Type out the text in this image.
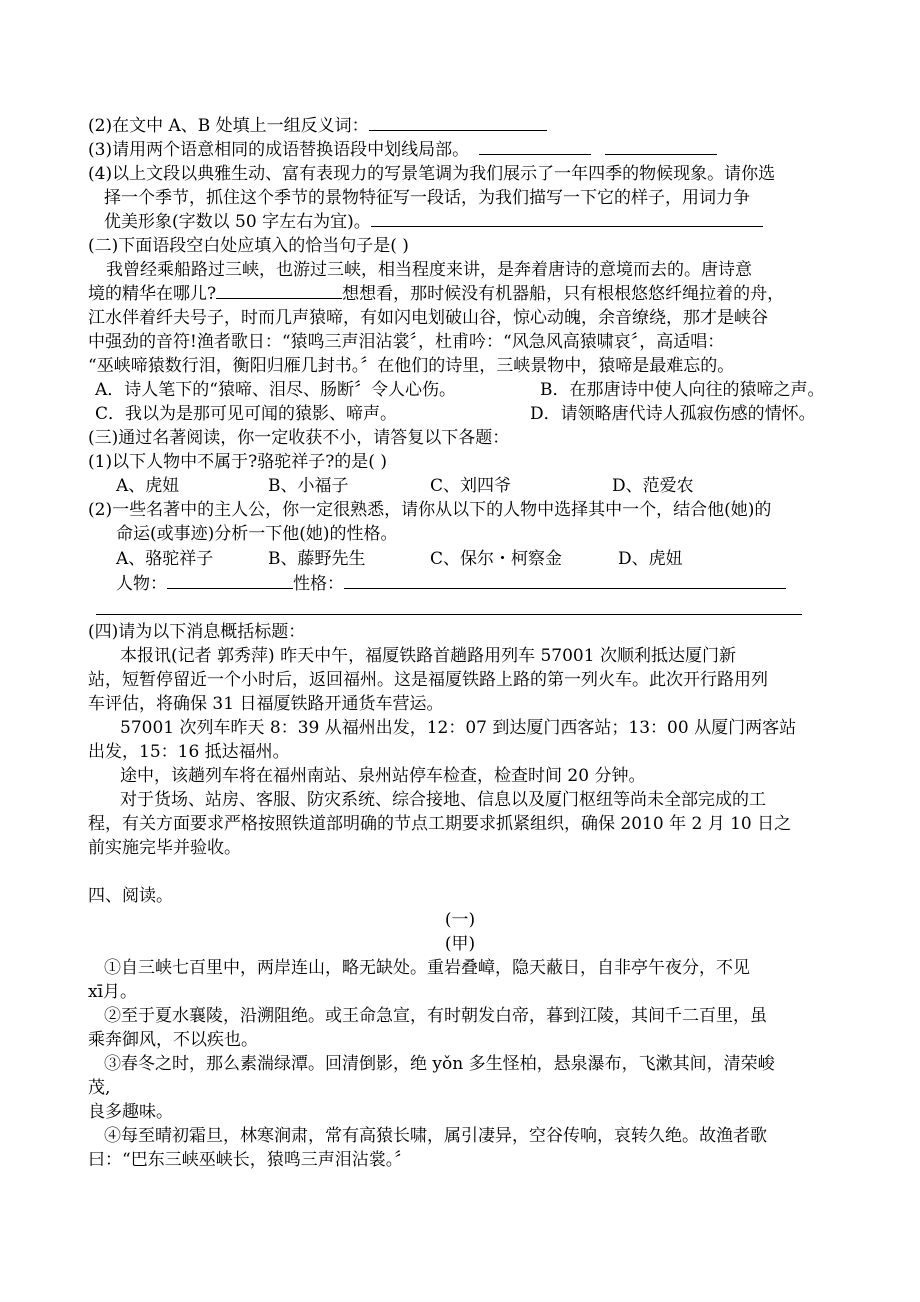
(2)在文中 A、B 处填上一组反义词：
(3)请用两个语意相同的成语替换语段中划线局部。
(4)以上文段以典雅生动、富有表现力的写景笔调为我们展示了一年四季的物候现象。请你选
择一个季节，抓住这个季节的景物特征写一段话，为我们描写一下它的样子，用词力争
优美形象(字数以 50 字左右为宜)。
(二)下面语段空白处应填入的恰当句子是( )
我曾经乘船路过三峡，也游过三峡，相当程度来讲，是奔着唐诗的意境而去的。唐诗意
境的精华在哪儿?	想想看，那时候没有机器船，只有根根悠悠纤绳拉着的舟，
江水伴着纤夫号子，时而几声猿啼，有如闪电划破山谷，惊心动魄，余音缭绕，那才是峡谷
中强劲的音符!渔者歌日：“猿鸣三声泪沾裳〞，杜甫吟：“风急风高猿啸哀〞，高适唱：
“巫峡啼猿数行泪，衡阳归雁几封书。〞在他们的诗里，三峡景物中，猿啼是最难忘的。
A．诗人笔下的“猿啼、泪尽、肠断〞令人心伤。	B．在那唐诗中使人向往的猿啼之声。
C．我以为是那可见可闻的猿影、啼声。	D．请领略唐代诗人孤寂伤感的情怀。
(三)通过名著阅读，你一定收获不小，请答复以下各题：
(1)以下人物中不属于?骆驼祥子?的是( )
A、虎妞	B、小福子	C、刘四爷	D、范爱农
(2)一些名著中的主人公，你一定很熟悉，请你从以下的人物中选择其中一个，结合他(她)的
命运(或事迹)分析一下他(她)的性格。
A、骆驼祥子	B、藤野先生	C、保尔・柯察金	D、虎妞
人物：	性格：
(四)请为以下消息概括标题：
本报讯(记者 郭秀萍) 昨天中午，福厦铁路首趟路用列车 57001 次顺利抵达厦门新
站，短暂停留近一个小时后，返回福州。这是福厦铁路上路的第一列火车。此次开行路用列
车评估，将确保 31 日福厦铁路开通货车营运。
57001 次列车昨天 8：39 从福州出发，12：07 到达厦门西客站；13：00 从厦门两客站
出发，15：16 抵达福州。
途中，该趟列车将在福州南站、泉州站停车检查，检查时间 20 分钟。
对于货场、站房、客服、防灾系统、综合接地、信息以及厦门枢纽等尚未全部完成的工
程，有关方面要求严格按照铁道部明确的节点工期要求抓紧组织，确保 2010 年 2 月 10 日之
前实施完毕并验收。
四、阅读。
(一)
(甲)
①自三峡七百里中，两岸连山，略无缺处。重岩叠嶂，隐天蔽日，自非亭午夜分，不见
xī月。
②至于夏水襄陵，沿溯阻绝。或王命急宣，有时朝发白帝，暮到江陵，其间千二百里，虽
乘奔御风，不以疾也。
③春冬之时，那么素湍绿潭。回清倒影，绝 yǒn 多生怪柏，悬泉瀑布，飞漱其间，清荣峻
茂,
良多趣味。
④每至晴初霜旦，林寒涧肃，常有高猿长啸，属引凄异，空谷传响，哀转久绝。故渔者歌
曰：“巴东三峡巫峡长，猿鸣三声泪沾裳。〞
